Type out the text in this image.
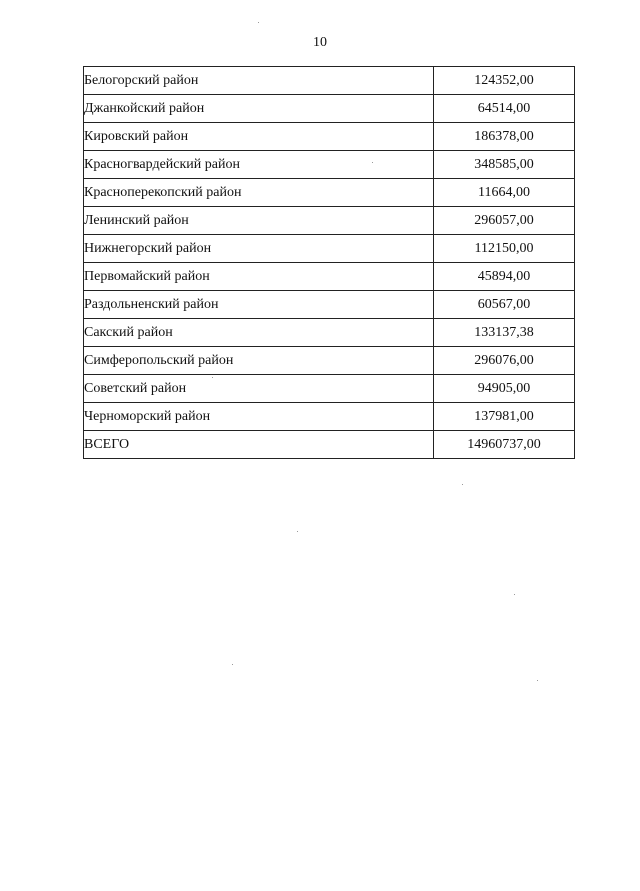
10
Белогорский район	124352,00
Джанкойский район	64514,00
Кировский район	186378,00
Красногвардейский район	348585,00
Красноперекопский район	11664,00
Ленинский район	296057,00
Нижнегорский район	112150,00
Первомайский район	45894,00
Раздольненский район	60567,00
Сакский район	133137,38
Симферопольский район	296076,00
Советский район	94905,00
Черноморский район	137981,00
ВСЕГО	14960737,00
